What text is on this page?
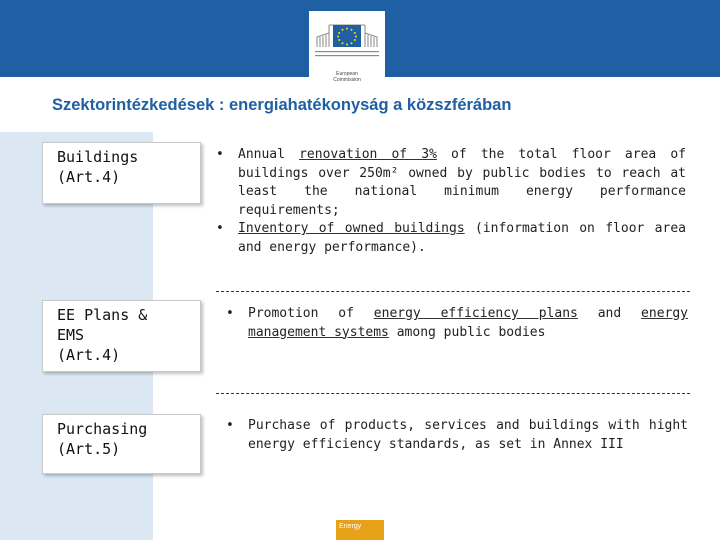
European
Commission
Szektorintézkedések : energiahatékonyság a közszférában
Buildings
(Art.4)
EE Plans &
EMS
(Art.4)
Purchasing
(Art.5)
• Annual renovation of 3% of the total floor area of buildings over 250m² owned by public bodies to reach at least the national minimum energy performance requirements;
• Inventory of owned buildings (information on floor area and energy performance).
• Promotion of energy efficiency plans and energy management systems among public bodies
• Purchase of products, services and buildings with hight energy efficiency standards, as set in Annex III
Energy
